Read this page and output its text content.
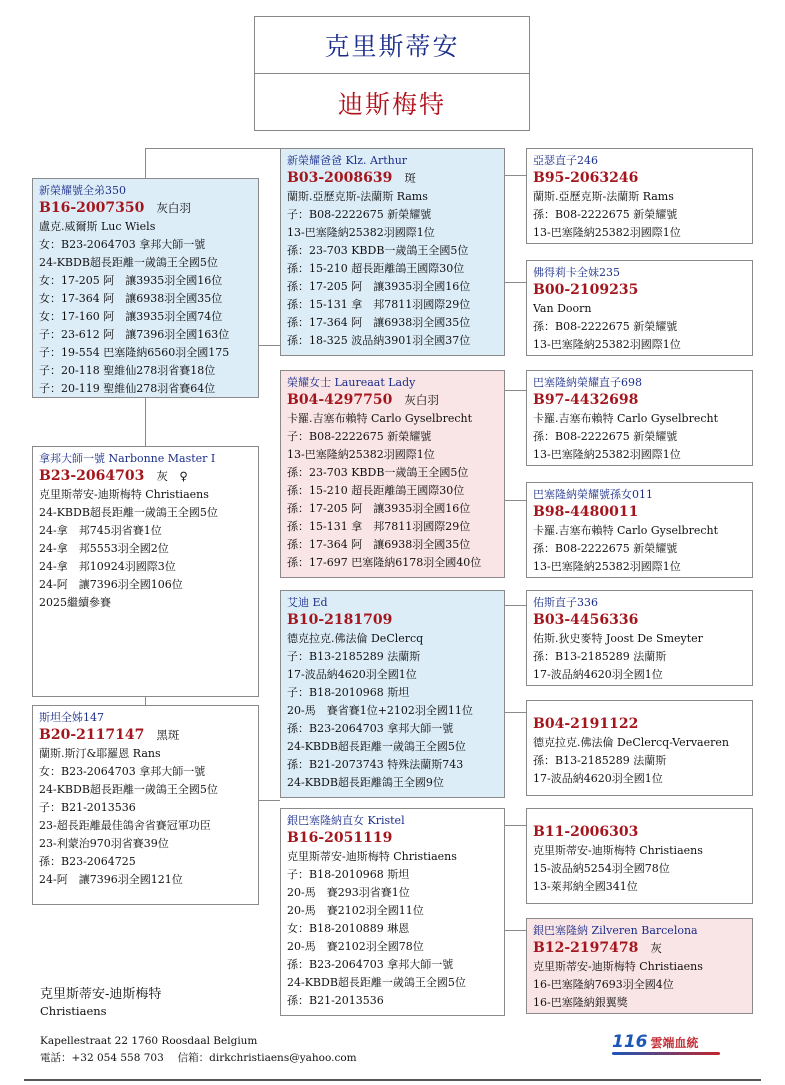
克里斯蒂安
迪斯梅特
新榮耀號全弟350
B16-2007350 灰白羽
盧克.威爾斯 Luc Wiels
女：B23-2064703 拿邦大師一號
24-KBDB超長距離一歲鴿王全國5位
女：17-205 阿　讓3935羽全國16位
女：17-364 阿　讓6938羽全國35位
女：17-160 阿　讓3935羽全國74位
子：23-612 阿　讓7396羽全國163位
子：19-554 巴塞隆納6560羽全國175
子：20-118 聖維仙278羽省賽18位
子：20-119 聖維仙278羽省賽64位
拿邦大師一號 Narbonne Master I
B23-2064703 灰　♀
克里斯蒂安-迪斯梅特 Christiaens
24-KBDB超長距離一歲鴿王全國5位
24-拿　邦745羽省賽1位
24-拿　邦5553羽全國2位
24-拿　邦10924羽國際3位
24-阿　讓7396羽全國106位
2025繼續參賽
斯坦全姊147
B20-2117147 黑斑
蘭斯.斯汀&耶羅恩 Rans
女：B23-2064703 拿邦大師一號
24-KBDB超長距離一歲鴿王全國5位
子：B21-2013536
23-超長距離最佳鴿舍省賽冠軍功臣
23-利蒙治970羽省賽39位
孫：B23-2064725
24-阿　讓7396羽全國121位
新榮耀爸爸 Klz. Arthur
B03-2008639 斑
蘭斯.亞歷克斯-法蘭斯 Rams
子：B08-2222675 新榮耀號
13-巴塞隆納25382羽國際1位
孫：23-703 KBDB一歲鴿王全國5位
孫：15-210 超長距離鴿王國際30位
孫：17-205 阿　讓3935羽全國16位
孫：15-131 拿　邦7811羽國際29位
孫：17-364 阿　讓6938羽全國35位
孫：18-325 波品納3901羽全國37位
榮耀女士 Laureaat Lady
B04-4297750 灰白羽
卡羅.吉塞布賴特 Carlo Gyselbrecht
子：B08-2222675 新榮耀號
13-巴塞隆納25382羽國際1位
孫：23-703 KBDB一歲鴿王全國5位
孫：15-210 超長距離鴿王國際30位
孫：17-205 阿　讓3935羽全國16位
孫：15-131 拿　邦7811羽國際29位
孫：17-364 阿　讓6938羽全國35位
孫：17-697 巴塞隆納6178羽全國40位
艾迪 Ed
B10-2181709
德克拉克.佛法倫 DeClercq
子：B13-2185289 法蘭斯
17-波品納4620羽全國1位
子：B18-2010968 斯坦
20-馬　賽省賽1位+2102羽全國11位
孫：B23-2064703 拿邦大師一號
24-KBDB超長距離一歲鴿王全國5位
孫：B21-2073743 特殊法蘭斯743
24-KBDB超長距離鴿王全國9位
銀巴塞隆納直女 Kristel
B16-2051119
克里斯蒂安-迪斯梅特 Christiaens
子：B18-2010968 斯坦
20-馬　賽293羽省賽1位
20-馬　賽2102羽全國11位
女：B18-2010889 琳恩
20-馬　賽2102羽全國78位
孫：B23-2064703 拿邦大師一號
24-KBDB超長距離一歲鴿王全國5位
孫：B21-2013536
亞瑟直子246
B95-2063246
蘭斯.亞歷克斯-法蘭斯 Rams
孫：B08-2222675 新榮耀號
13-巴塞隆納25382羽國際1位
佛得莉卡全妹235
B00-2109235
Van Doorn
孫：B08-2222675 新榮耀號
13-巴塞隆納25382羽國際1位
巴塞隆納榮耀直子698
B97-4432698
卡羅.吉塞布賴特 Carlo Gyselbrecht
孫：B08-2222675 新榮耀號
13-巴塞隆納25382羽國際1位
巴塞隆納榮耀號孫女011
B98-4480011
卡羅.吉塞布賴特 Carlo Gyselbrecht
孫：B08-2222675 新榮耀號
13-巴塞隆納25382羽國際1位
佑斯直子336
B03-4456336
佑斯.狄史麥特 Joost De Smeyter
孫：B13-2185289 法蘭斯
17-波品納4620羽全國1位
B04-2191122
德克拉克.佛法倫 DeClercq-Vervaeren
孫：B13-2185289 法蘭斯
17-波品納4620羽全國1位
B11-2006303
克里斯蒂安-迪斯梅特 Christiaens
15-波品納5254羽全國78位
13-萊邦納全國341位
銀巴塞隆納 Zilveren Barcelona
B12-2197478 灰
克里斯蒂安-迪斯梅特 Christiaens
16-巴塞隆納7693羽全國4位
16-巴塞隆納銀翼獎
克里斯蒂安-迪斯梅特
Christiaens
Kapellestraat 22 1760 Roosdaal Belgium
電話：+32 054 558 703　 信箱：dirkchristiaens@yahoo.com
116 雲端血統
